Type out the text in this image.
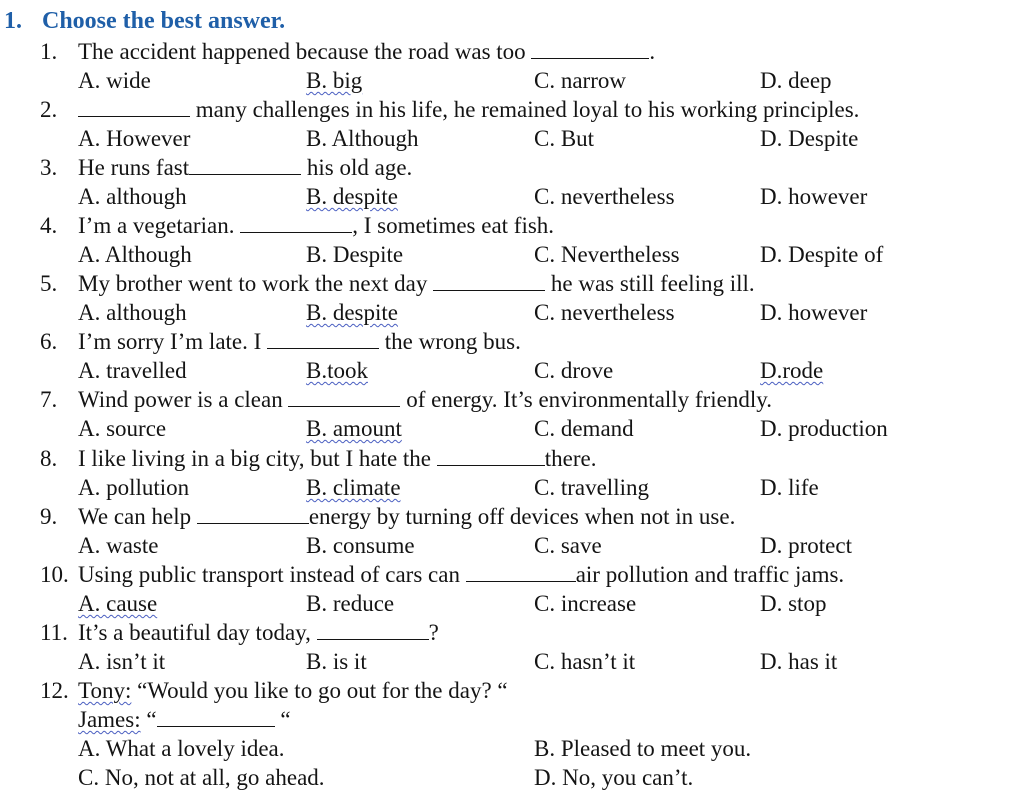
1. Choose the best answer.
1. The accident happened because the road was too	.
A. wide	B. big	C. narrow	D. deep
2.	many challenges in his life, he remained loyal to his working principles.
A. However	B. Although	C. But	D. Despite
3. He runs fast	his old age.
A. although	B. despite	C. nevertheless	D. however
4. I’m a vegetarian.	, I sometimes eat fish.
A. Although	B. Despite	C. Nevertheless	D. Despite of
5. My brother went to work the next day	he was still feeling ill.
A. although	B. despite	C. nevertheless	D. however
6. I’m sorry I’m late. I	the wrong bus.
A. travelled	B.took	C. drove	D.rode
7. Wind power is a clean	of energy. It’s environmentally friendly.
A. source	B. amount	C. demand	D. production
8. I like living in a big city, but I hate the	there.
A. pollution	B. climate	C. travelling	D. life
9. We can help	energy by turning off devices when not in use.
A. waste	B. consume	C. save	D. protect
10. Using public transport instead of cars can	air pollution and traffic jams.
A. cause	B. reduce	C. increase	D. stop
11. It’s a beautiful day today,	?
A. isn’t it	B. is it	C. hasn’t it	D. has it
12. Tony: “Would you like to go out for the day? “
James: “	“
A. What a lovely idea.	B. Pleased to meet you.
C. No, not at all, go ahead.	D. No, you can’t.
